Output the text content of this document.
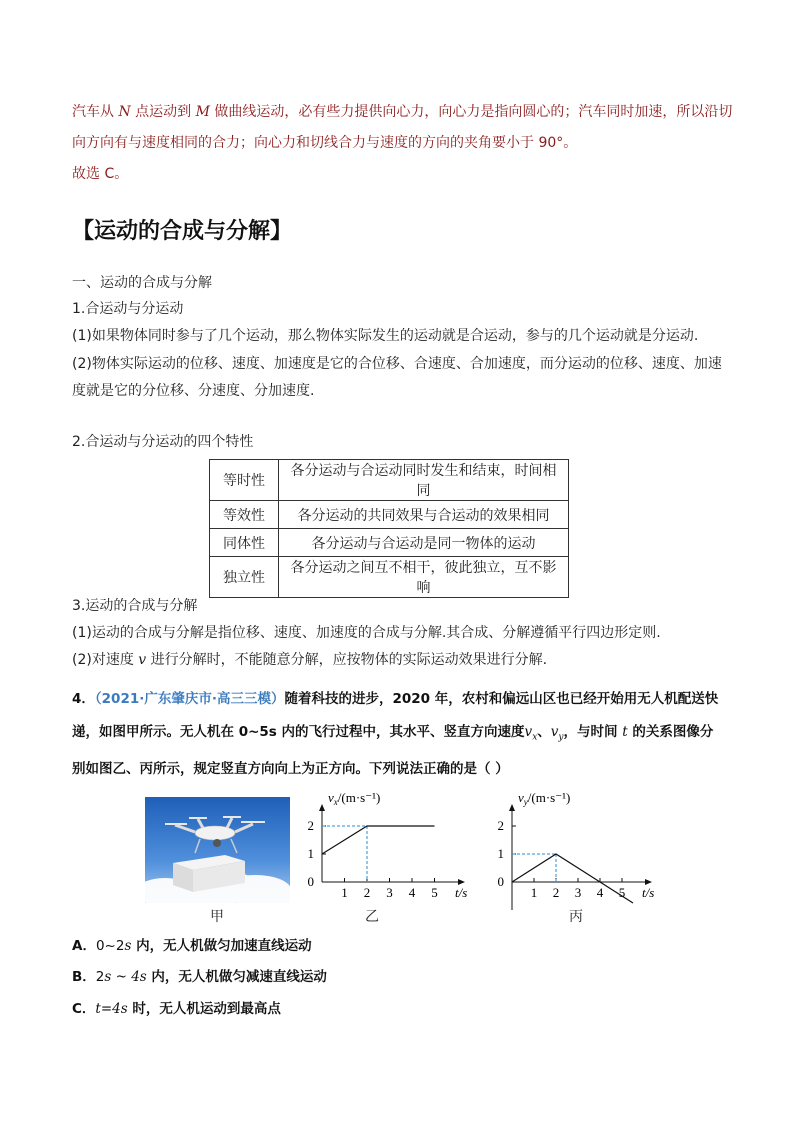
汽车从 N 点运动到 M 做曲线运动，必有些力提供向心力，向心力是指向圆心的；汽车同时加速，所以沿切
向方向有与速度相同的合力；向心力和切线合力与速度的方向的夹角要小于 90°。
故选 C。
【运动的合成与分解】
一、运动的合成与分解
1.合运动与分运动
(1)如果物体同时参与了几个运动，那么物体实际发生的运动就是合运动，参与的几个运动就是分运动.
(2)物体实际运动的位移、速度、加速度是它的合位移、合速度、合加速度，而分运动的位移、速度、加速
度就是它的分位移、分速度、分加速度.
2.合运动与分运动的四个特性
等时性	各分运动与合运动同时发生和结束，时间相同
等效性	各分运动的共同效果与合运动的效果相同
同体性	各分运动与合运动是同一物体的运动
独立性	各分运动之间互不相干，彼此独立，互不影响
3.运动的合成与分解
(1)运动的合成与分解是指位移、速度、加速度的合成与分解.其合成、分解遵循平行四边形定则.
(2)对速度 v 进行分解时，不能随意分解，应按物体的实际运动效果进行分解.
4．（2021·广东肇庆市·高三三模）随着科技的进步，2020 年，农村和偏远山区也已经开始用无人机配送快
递，如图甲所示。无人机在 0~5s 内的飞行过程中，其水平、竖直方向速度$v_x$、$v_y$，与时间 t 的关系图像分
别如图乙、丙所示，规定竖直方向向上为正方向。下列说法正确的是（ ）
0
1
2
1 2 3 4 5
$v_x/(m\cdot s^{-1})$
t/s
0
1
2
1 2 3 4 5
$v_y/(m\cdot s^{-1})$
t/s
甲	乙	丙
A．0~2s 内，无人机做匀加速直线运动
B．2s ~ 4s 内，无人机做匀减速直线运动
C．t=4s 时，无人机运动到最高点
